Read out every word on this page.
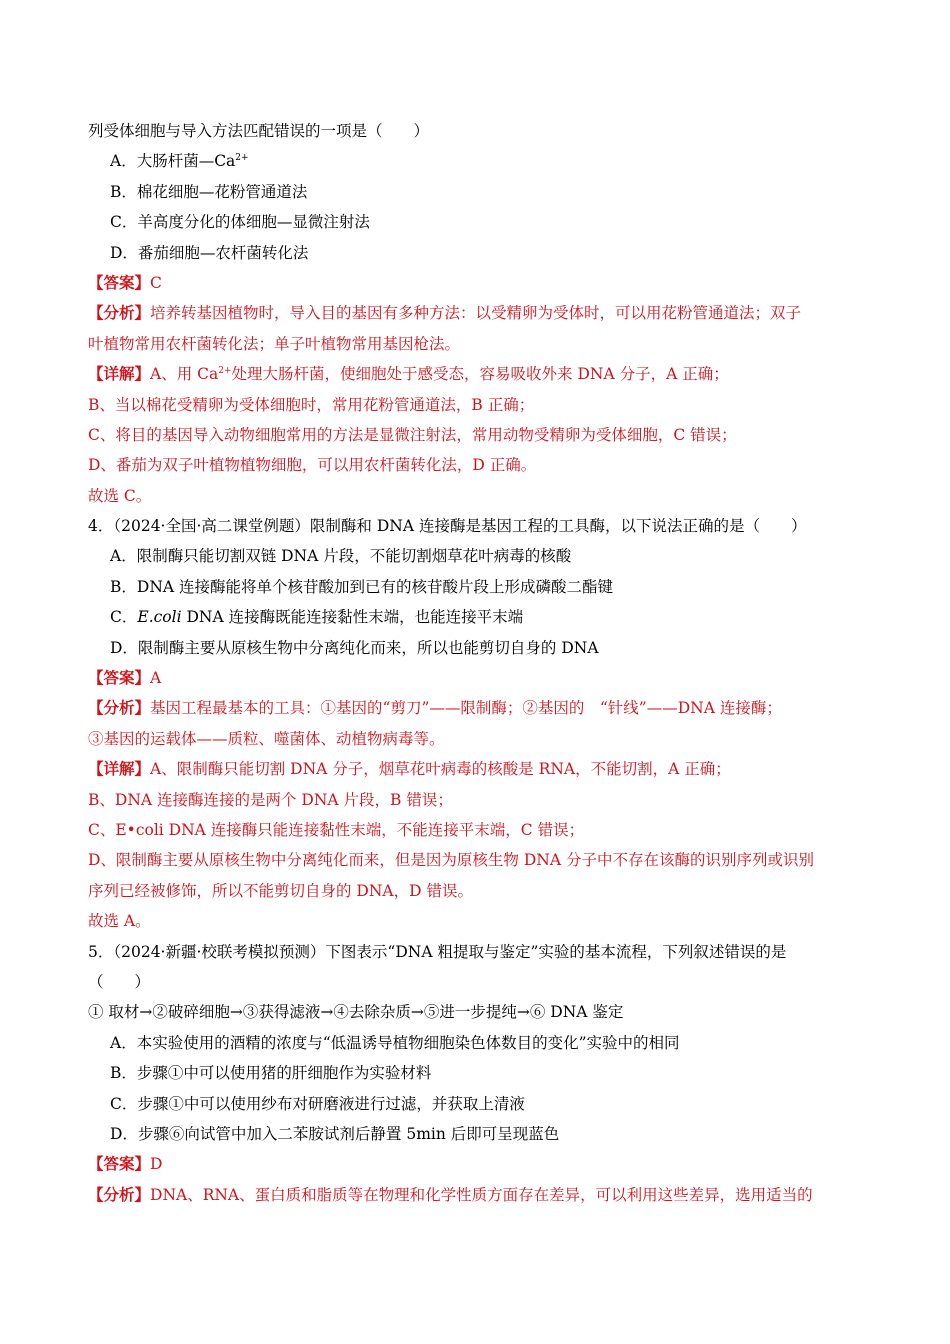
列受体细胞与导入方法匹配错误的一项是（　　）
A．大肠杆菌$—Ca^{2+}$
B．棉花细胞—花粉管通道法
C．羊高度分化的体细胞—显微注射法
D．番茄细胞—农杆菌转化法
【答案】C
【分析】培养转基因植物时，导入目的基因有多种方法：以受精卵为受体时，可以用花粉管通道法；双子
叶植物常用农杆菌转化法；单子叶植物常用基因枪法。
【详解】A、用 $Ca^{2+}$处理大肠杆菌，使细胞处于感受态，容易吸收外来 DNA 分子，A 正确；
B、当以棉花受精卵为受体细胞时，常用花粉管通道法，B 正确；
C、将目的基因导入动物细胞常用的方法是显微注射法，常用动物受精卵为受体细胞，C 错误；
D、番茄为双子叶植物植物细胞，可以用农杆菌转化法，D 正确。
故选 C。
4．（2024·全国·高二课堂例题）限制酶和 DNA 连接酶是基因工程的工具酶，以下说法正确的是（　　）
A．限制酶只能切割双链 DNA 片段，不能切割烟草花叶病毒的核酸
B．DNA 连接酶能将单个核苷酸加到已有的核苷酸片段上形成磷酸二酯键
C．E.coli DNA 连接酶既能连接黏性末端，也能连接平末端
D．限制酶主要从原核生物中分离纯化而来，所以也能剪切自身的 DNA
【答案】A
【分析】基因工程最基本的工具：①基因的“剪刀”——限制酶；②基因的　“针线”——DNA 连接酶；
③基因的运载体——质粒、噬菌体、动植物病毒等。
【详解】A、限制酶只能切割 DNA 分子，烟草花叶病毒的核酸是 RNA，不能切割，A 正确；
B、DNA 连接酶连接的是两个 DNA 片段，B 错误；
C、E•coli DNA 连接酶只能连接黏性末端，不能连接平末端，C 错误；
D、限制酶主要从原核生物中分离纯化而来，但是因为原核生物 DNA 分子中不存在该酶的识别序列或识别
序列已经被修饰，所以不能剪切自身的 DNA，D 错误。
故选 A。
5．（2024·新疆·校联考模拟预测）下图表示“DNA 粗提取与鉴定”实验的基本流程，下列叙述错误的是
（　　）
① 取材→②破碎细胞→③获得滤液→④去除杂质→⑤进一步提纯→⑥ DNA 鉴定
A．本实验使用的酒精的浓度与“低温诱导植物细胞染色体数目的变化”实验中的相同
B．步骤①中可以使用猪的肝细胞作为实验材料
C．步骤①中可以使用纱布对研磨液进行过滤，并获取上清液
D．步骤⑥向试管中加入二苯胺试剂后静置 5min 后即可呈现蓝色
【答案】D
【分析】DNA、RNA、蛋白质和脂质等在物理和化学性质方面存在差异，可以利用这些差异，选用适当的
